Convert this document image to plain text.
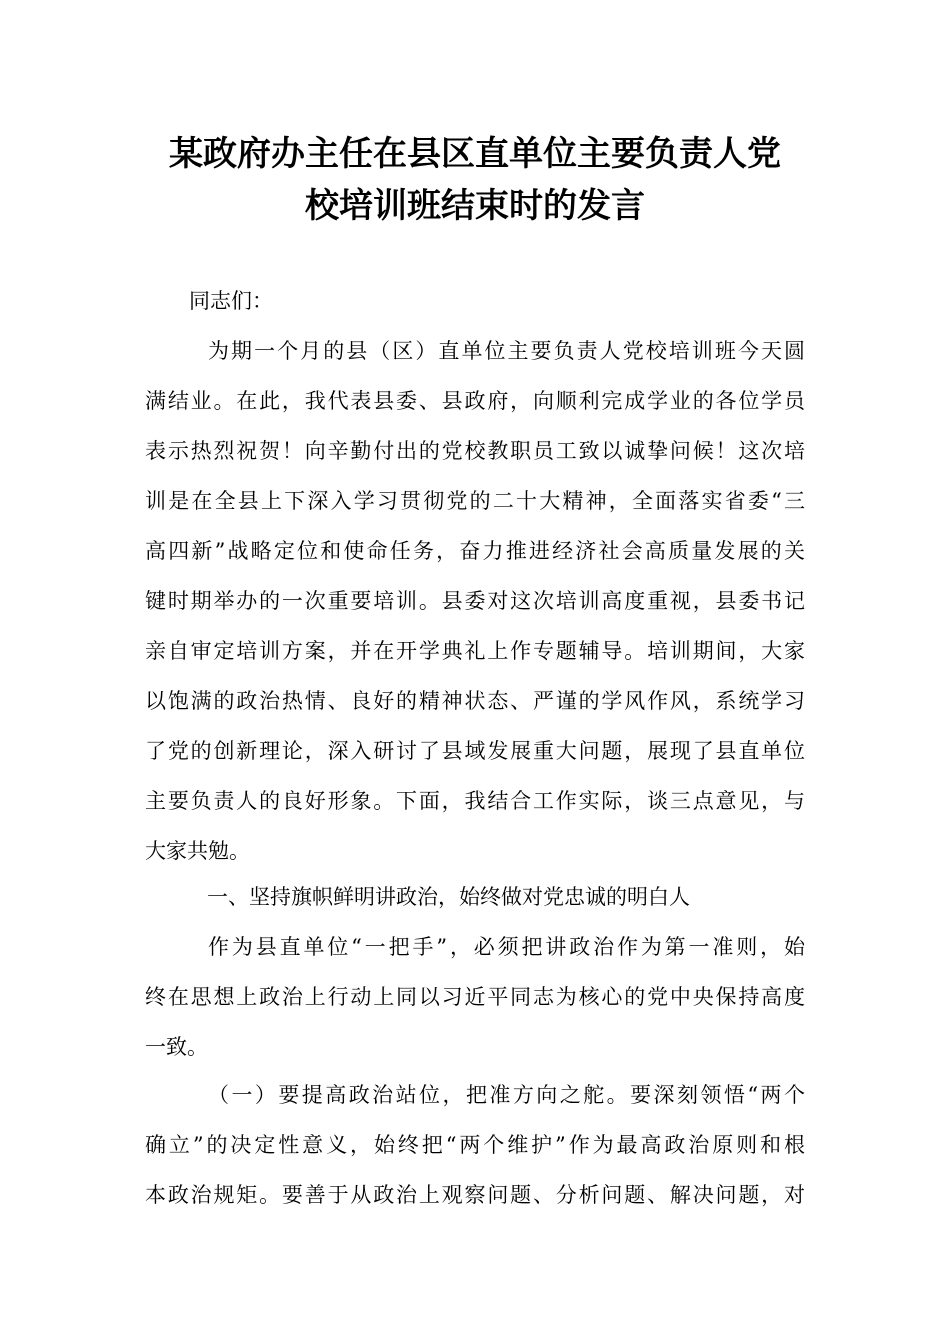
某政府办主任在县区直单位主要负责人党
校培训班结束时的发言

同志们：

为期一个月的县（区）直单位主要负责人党校培训班今天圆

满结业。在此，我代表县委、县政府，向顺利完成学业的各位学员

表示热烈祝贺！向辛勤付出的党校教职员工致以诚挚问候！这次培

训是在全县上下深入学习贯彻党的二十大精神，全面落实省委“三

高四新”战略定位和使命任务，奋力推进经济社会高质量发展的关

键时期举办的一次重要培训。县委对这次培训高度重视，县委书记

亲自审定培训方案，并在开学典礼上作专题辅导。培训期间，大家

以饱满的政治热情、良好的精神状态、严谨的学风作风，系统学习

了党的创新理论，深入研讨了县域发展重大问题，展现了县直单位

主要负责人的良好形象。下面，我结合工作实际，谈三点意见，与

大家共勉。

一、坚持旗帜鲜明讲政治，始终做对党忠诚的明白人

作为县直单位“一把手”，必须把讲政治作为第一准则，始

终在思想上政治上行动上同以习近平同志为核心的党中央保持高度

一致。

（一）要提高政治站位，把准方向之舵。要深刻领悟“两个

确立”的决定性意义，始终把“两个维护”作为最高政治原则和根

本政治规矩。要善于从政治上观察问题、分析问题、解决问题，对
